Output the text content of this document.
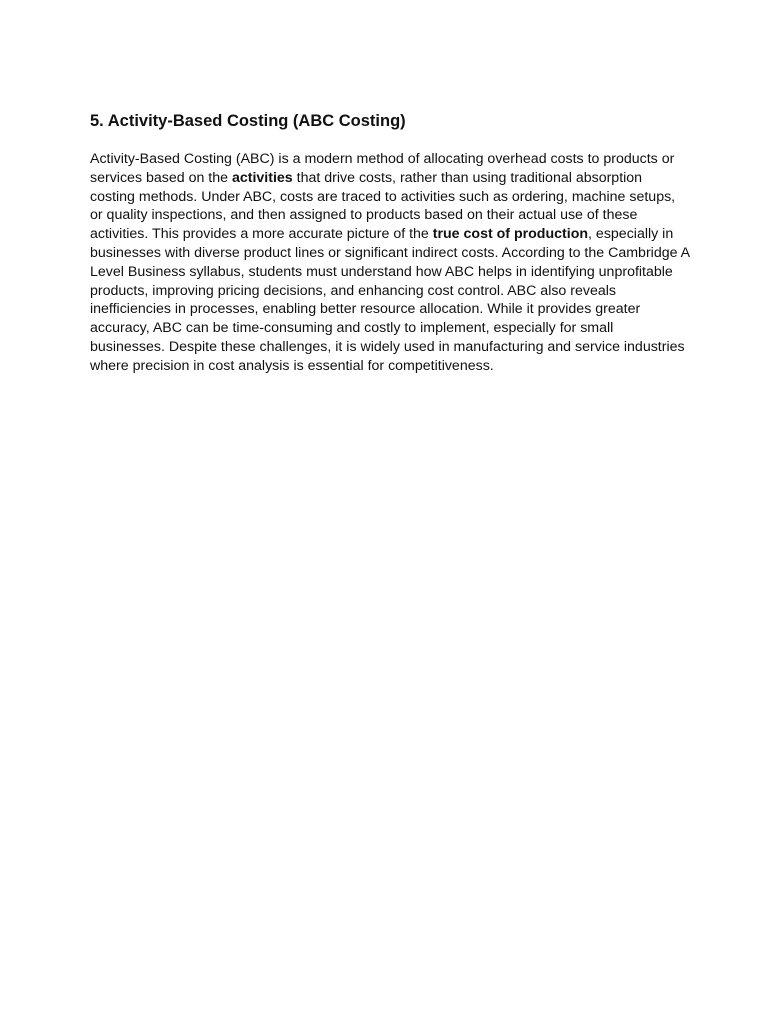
5. Activity-Based Costing (ABC Costing)

Activity-Based Costing (ABC) is a modern method of allocating overhead costs to products or services based on the activities that drive costs, rather than using traditional absorption costing methods. Under ABC, costs are traced to activities such as ordering, machine setups, or quality inspections, and then assigned to products based on their actual use of these activities. This provides a more accurate picture of the true cost of production, especially in businesses with diverse product lines or significant indirect costs. According to the Cambridge A Level Business syllabus, students must understand how ABC helps in identifying unprofitable products, improving pricing decisions, and enhancing cost control. ABC also reveals inefficiencies in processes, enabling better resource allocation. While it provides greater accuracy, ABC can be time-consuming and costly to implement, especially for small businesses. Despite these challenges, it is widely used in manufacturing and service industries where precision in cost analysis is essential for competitiveness.
